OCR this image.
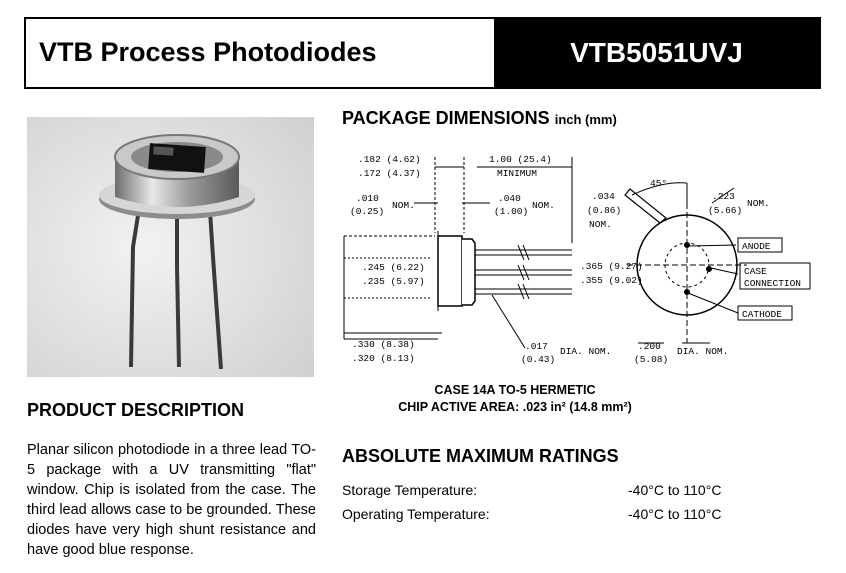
VTB Process Photodiodes	VTB5051UVJ
PRODUCT DESCRIPTION
Planar silicon photodiode in a three lead TO-5 package with a UV transmitting "flat" window. Chip is isolated from the case. The third lead allows case to be grounded. These diodes have very high shunt resistance and have good blue response.
PACKAGE DIMENSIONS inch (mm)
.182 (4.62)
.172 (4.37)
1.00 (25.4)
MINIMUM
.010
(0.25)
NOM.
.040
(1.00)
NOM.
.245 (6.22)
.235 (5.97)
.330 (8.38)
.320 (8.13)
.017
(0.43)
DIA. NOM.
.034
(0.86)
NOM.
45°
.223
(5.66)
NOM.
.365 (9.27)
.355 (9.02)
.200
(5.08)
DIA. NOM.
ANODE
CASE
CONNECTION
CATHODE
CASE 14A TO-5 HERMETIC
CHIP ACTIVE AREA: .023 in² (14.8 mm²)
ABSOLUTE MAXIMUM RATINGS
Storage Temperature:	-40°C to 110°C
Operating Temperature:	-40°C to 110°C
